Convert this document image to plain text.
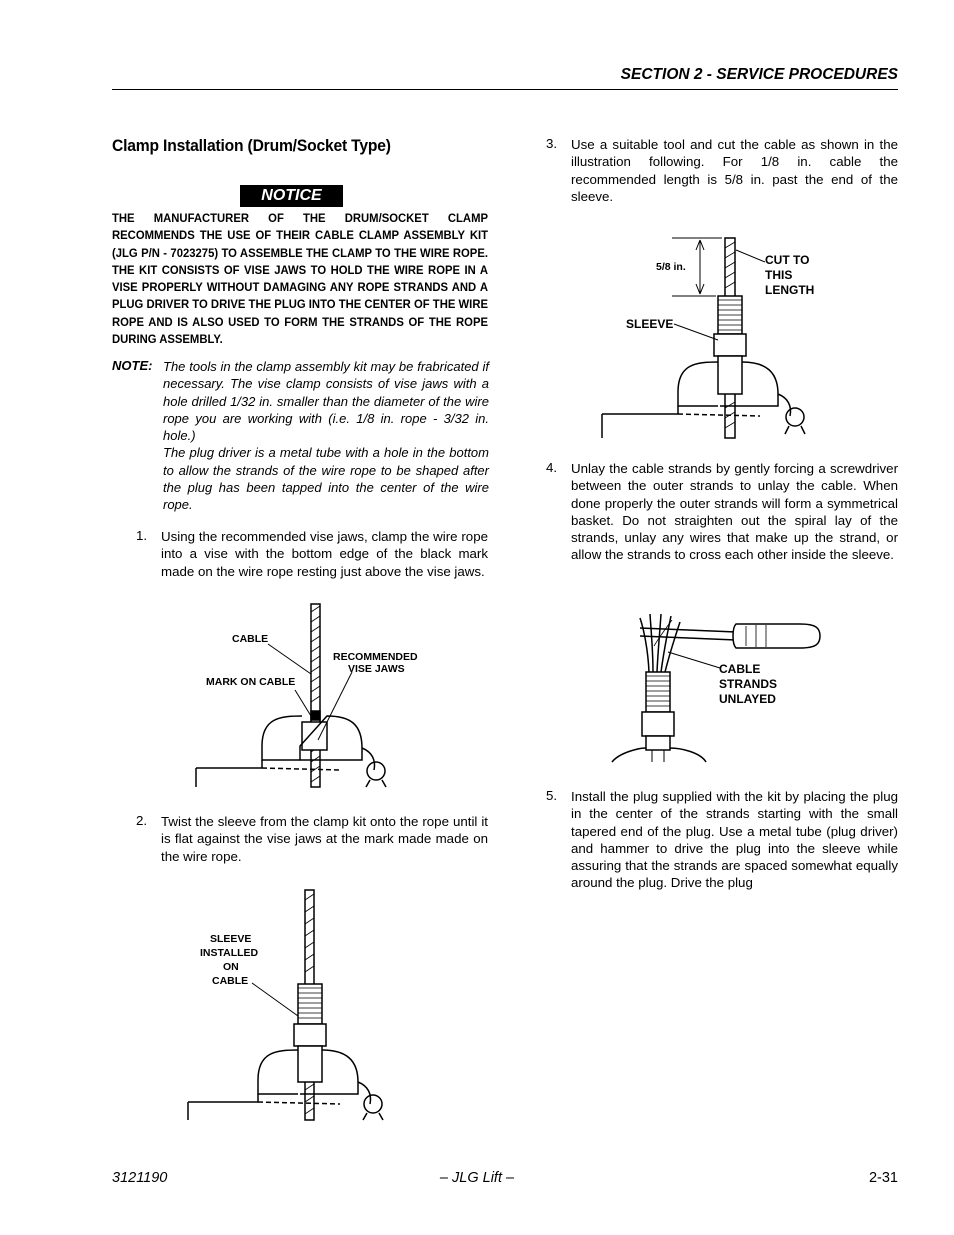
SECTION 2 - SERVICE PROCEDURES
Clamp Installation (Drum/Socket Type)
NOTICE
THE MANUFACTURER OF THE DRUM/SOCKET CLAMP RECOMMENDS THE USE OF THEIR CABLE CLAMP ASSEMBLY KIT (JLG P/N - 7023275) TO ASSEMBLE THE CLAMP TO THE WIRE ROPE. THE KIT CONSISTS OF VISE JAWS TO HOLD THE WIRE ROPE IN A VISE PROPERLY WITHOUT DAMAGING ANY ROPE STRANDS AND A PLUG DRIVER TO DRIVE THE PLUG INTO THE CENTER OF THE WIRE ROPE AND IS ALSO USED TO FORM THE STRANDS OF THE ROPE DURING ASSEMBLY.
NOTE: The tools in the clamp assembly kit may be frabricated if necessary. The vise clamp consists of vise jaws with a hole drilled 1/32 in. smaller than the diameter of the wire rope you are working with (i.e. 1/8 in. rope - 3/32 in. hole.)

The plug driver is a metal tube with a hole in the bottom to allow the strands of the wire rope to be shaped after the plug has been tapped into the center of the wire rope.

1. Using the recommended vise jaws, clamp the wire rope into a vise with the bottom edge of the black mark made on the wire rope resting just above the vise jaws.
CABLE
MARK ON CABLE
RECOMMENDED
VISE JAWS
2. Twist the sleeve from the clamp kit onto the rope until it is flat against the vise jaws at the mark made made on the wire rope.
SLEEVE
INSTALLED
ON
CABLE
3. Use a suitable tool and cut the cable as shown in the illustration following. For 1/8 in. cable the recommended length is 5/8 in. past the end of the sleeve.
5/8 in.	CUT TO
THIS
LENGTH
SLEEVE
4. Unlay the cable strands by gently forcing a screwdriver between the outer strands to unlay the cable. When done properly the outer strands will form a symmetrical basket. Do not straighten out the spiral lay of the strands, unlay any wires that make up the strand, or allow the strands to cross each other inside the sleeve.
CABLE
STRANDS
UNLAYED
5. Install the plug supplied with the kit by placing the plug in the center of the strands starting with the small tapered end of the plug. Use a metal tube (plug driver) and hammer to drive the plug into the sleeve while assuring that the strands are spaced somewhat equally around the plug. Drive the plug
3121190	– JLG Lift –	2-31
